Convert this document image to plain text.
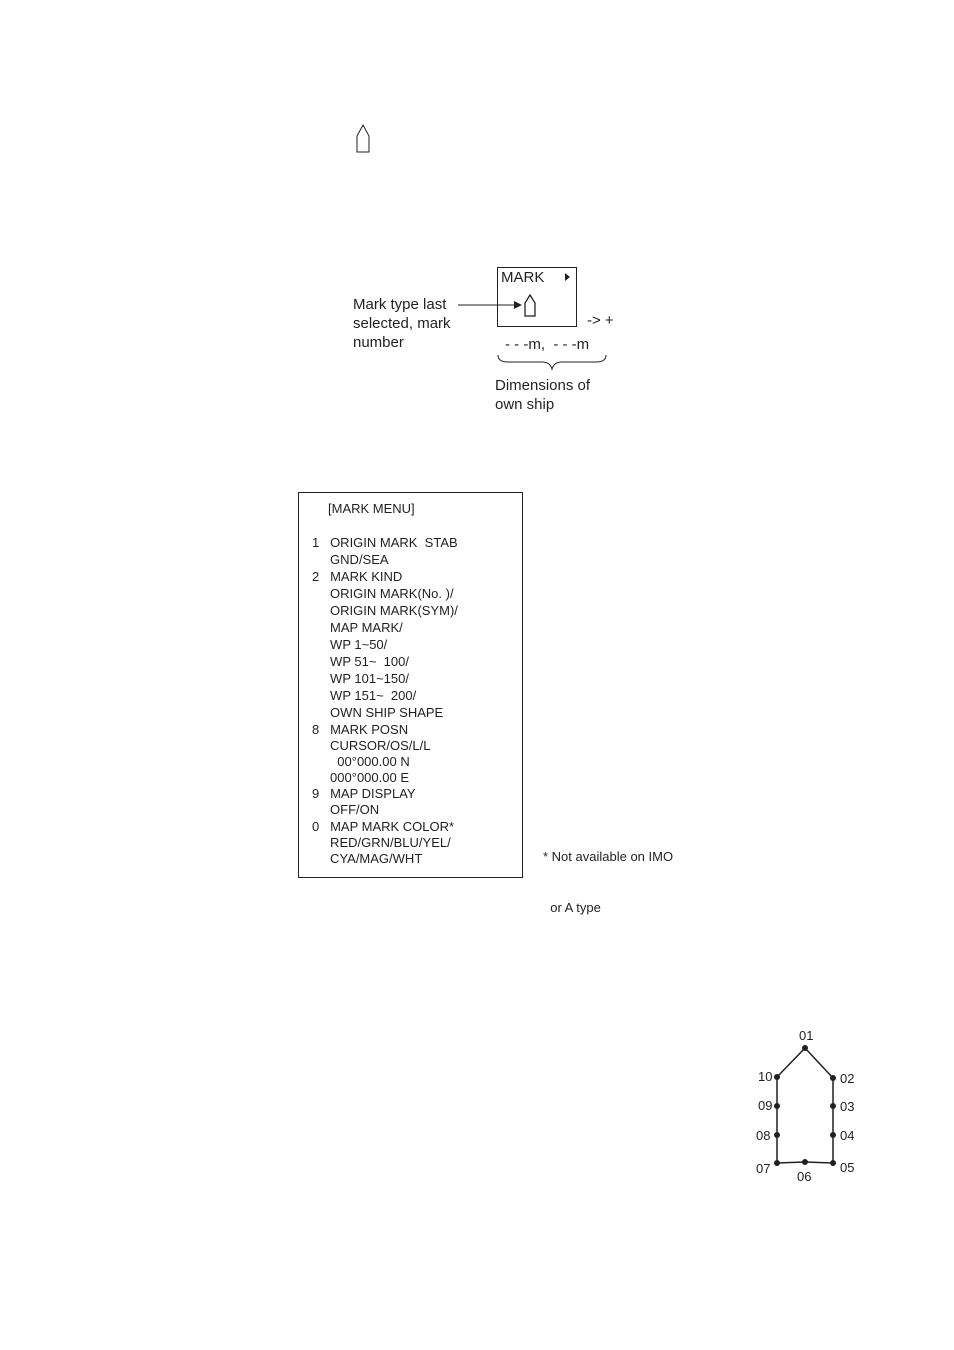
MARK
-> +
- - -m,  - - -m
Mark type last
selected, mark
number
Dimensions of
own ship
[MARK MENU]
1   ORIGIN MARK  STAB
GND/SEA
2   MARK KIND
ORIGIN MARK(No. )/
ORIGIN MARK(SYM)/
MAP MARK/
WP 1~50/
WP 51~  100/
WP 101~150/
WP 151~  200/
OWN SHIP SHAPE
8   MARK POSN
CURSOR/OS/L/L
00°000.00 N
000°000.00 E
9   MAP DISPLAY
OFF/ON
0   MAP MARK COLOR*
RED/GRN/BLU/YEL/
CYA/MAG/WHT

	* Not available on IMO

or A type

01
02
03
04
05
06
07
08
09
10
